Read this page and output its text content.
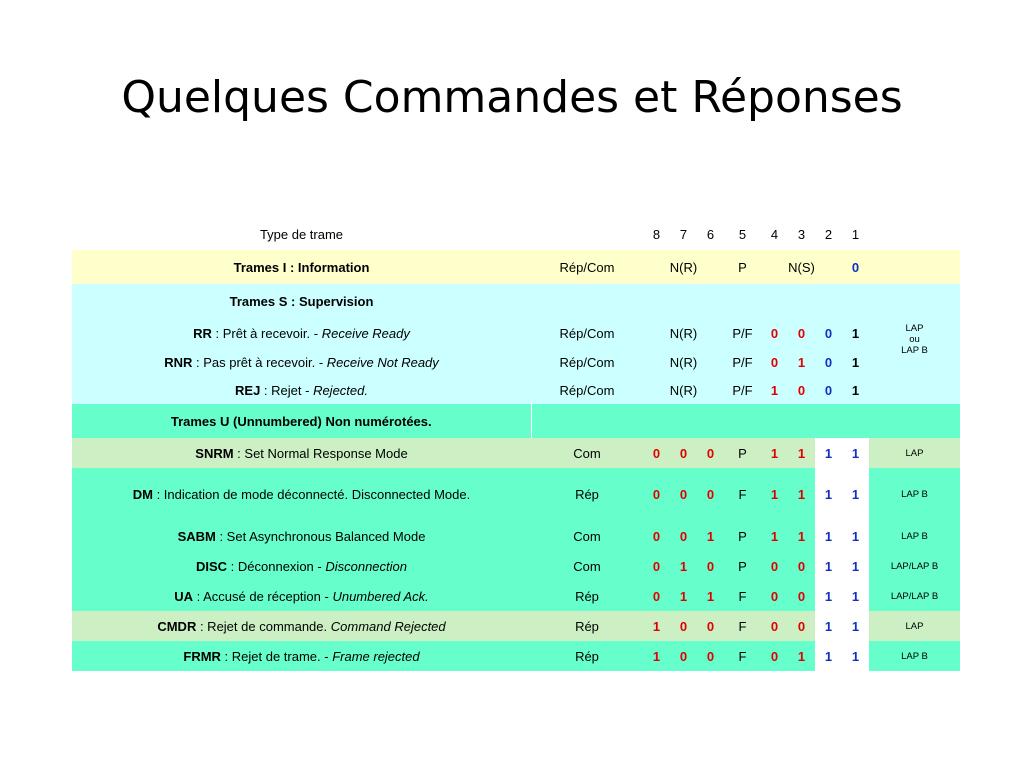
Quelques Commandes et Réponses
Type de trame		8	7	6	5	4	3	2	1	
Trames I : Information	Rép/Com	N(R)			P	N(S)			0	
Trames S : Supervision										
RR : Prêt à recevoir. - Receive Ready	Rép/Com	N(R)			P/F	0	0	0	1	LAP
ou
LAP B

RNR : Pas prêt à recevoir. - Receive Not Ready	Rép/Com	N(R)			P/F	0	1	0	1	
REJ : Rejet - Rejected.	Rép/Com	N(R)			P/F	1	0	0	1	
Trames U (Unnumbered) Non numérotées.										
SNRM : Set Normal Response Mode	Com	0	0	0	P	1	1	1	1	LAP
DM : Indication de mode déconnecté. Disconnected Mode.	Rép	0	0	0	F	1	1	1	1	LAP B
SABM : Set Asynchronous Balanced Mode	Com	0	0	1	P	1	1	1	1	LAP B
DISC : Déconnexion - Disconnection	Com	0	1	0	P	0	0	1	1	LAP/LAP B
UA : Accusé de réception - Unumbered Ack.	Rép	0	1	1	F	0	0	1	1	LAP/LAP B
CMDR : Rejet de commande. Command Rejected	Rép	1	0	0	F	0	0	1	1	LAP
FRMR : Rejet de trame. - Frame rejected	Rép	1	0	0	F	0	1	1	1	LAP B
